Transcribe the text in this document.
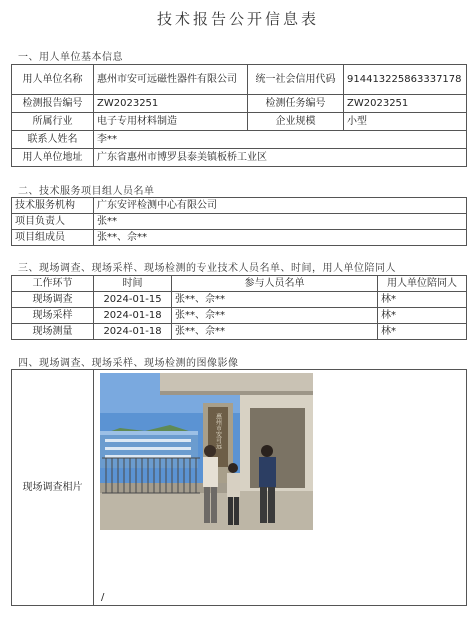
技术报告公开信息表
一、用人单位基本信息
用人单位名称	惠州市安可远磁性器件有限公司	统一社会信用代码	914413225863337178
检测报告编号	ZW2023251	检测任务编号	ZW2023251
所属行业	电子专用材料制造	企业规模	小型
联系人姓名	李**		
用人单位地址	广东省惠州市博罗县泰美镇板桥工业区		
二、技术服务项目组人员名单
技术服务机构	广东安评检测中心有限公司
项目负责人	张**
项目组成员	张**、佘**
三、现场调查、现场采样、现场检测的专业技术人员名单、时间，用人单位陪同人
工作环节	时间	参与人员名单	用人单位陪同人
现场调查	2024-01-15	张**、佘**	林*
现场采样	2024-01-18	张**、佘**	林*
现场测量	2024-01-18	张**、佘**	林*
四、现场调查、现场采样、现场检测的图像影像
现场调查相片	
惠州市安可远
/
